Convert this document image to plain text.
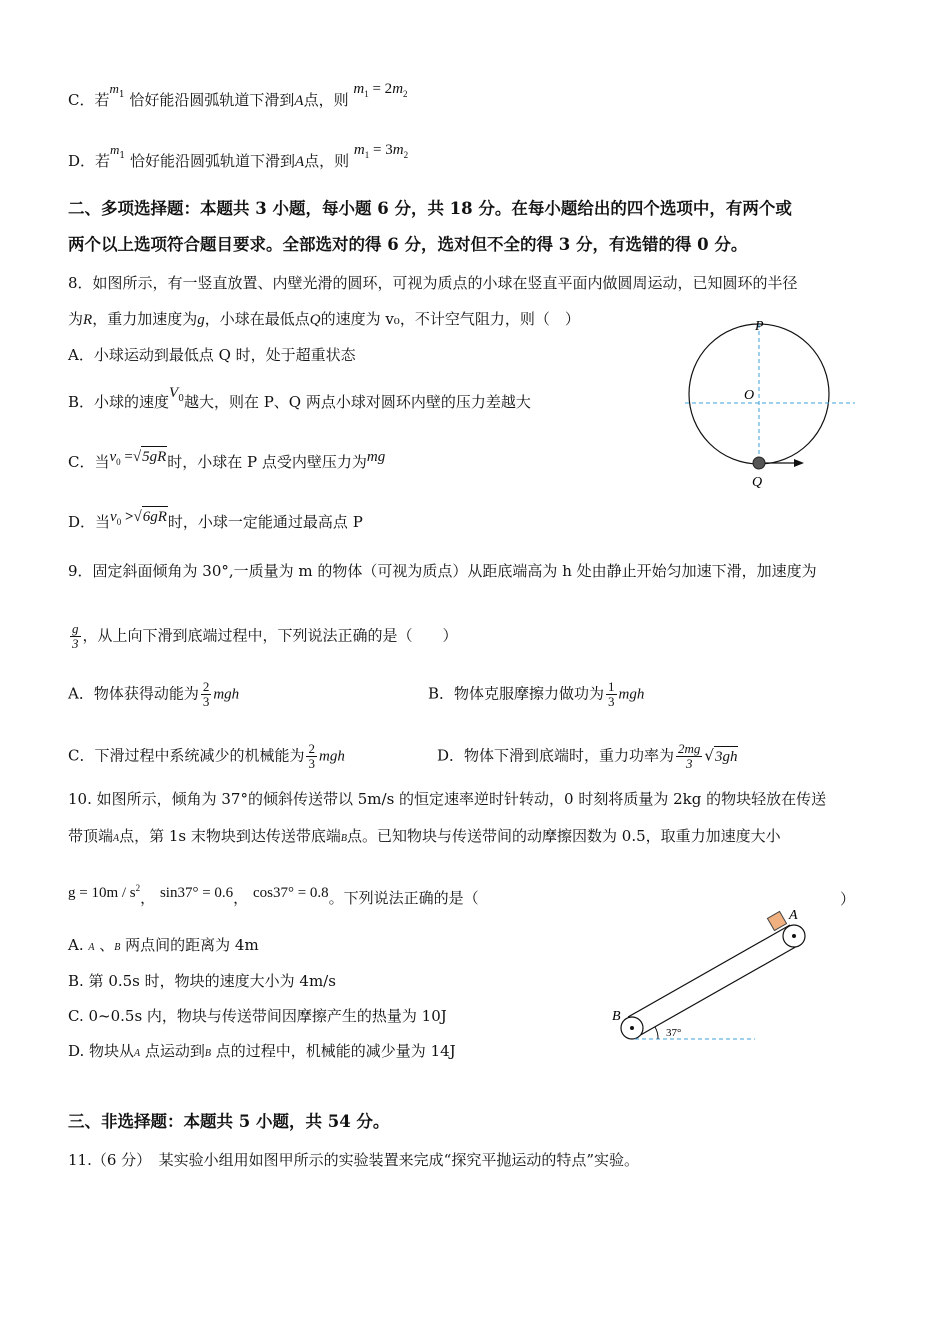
C．若$m_1$ 恰好能沿圆弧轨道下滑到A点，则 $m_1 = 2m_2$
D．若$m_1$ 恰好能沿圆弧轨道下滑到A点，则 $m_1 = 3m_2$
二、多项选择题：本题共 3 小题，每小题 6 分，共 18 分。在每小题给出的四个选项中，有两个或
两个以上选项符合题目要求。全部选对的得 6 分，选对但不全的得 3 分，有选错的得 0 分。
8．如图所示，有一竖直放置、内壁光滑的圆环，可视为质点的小球在竖直平面内做圆周运动，已知圆环的半径
为R，重力加速度为g，小球在最低点Q的速度为 v₀，不计空气阻力，则（　）
A．小球运动到最低点 Q 时，处于超重状态
B．小球的速度$V_0$越大，则在 P、Q 两点小球对圆环内壁的压力差越大
C．当$v_0 =√5gR$时，小球在 P 点受内壁压力为mg
D．当$v_0 >√6gR$时，小球一定能通过最高点 P
P
O
Q
9．固定斜面倾角为 30°,一质量为 m 的物体（可视为质点）从距底端高为 h 处由静止开始匀加速下滑，加速度为
$\frac{g}{3}$ ，从上向下滑到底端过程中，下列说法正确的是（　　）
A．物体获得动能为 $\frac{2}{3}$ mgh	B．物体克服摩擦力做功为 $\frac{1}{3}$ mgh
C．下滑过程中系统减少的机械能为 $\frac{2}{3}$ mgh	D．物体下滑到底端时，重力功率为 $\frac{2mg}{3} √3gh$
10. 如图所示，倾角为 37°的倾斜传送带以 5m/s 的恒定速率逆时针转动，0 时刻将质量为 2kg 的物块轻放在传送
带顶端A点，第 1s 末物块到达传送带底端B点。已知物块与传送带间的动摩擦因数为 0.5，取重力加速度大小
$g = 10m / s^2$， sin37° = 0.6， cos37° = 0.8。下列说法正确的是（	）
A. A 、B 两点间的距离为 4m
B. 第 0.5s 时，物块的速度大小为 4m/s
C. 0~0.5s 内，物块与传送带间因摩擦产生的热量为 10J
D. 物块从A 点运动到B 点的过程中，机械能的减少量为 14J
37°
A
B
三、非选择题：本题共 5 小题，共 54 分。
11.（6 分）　某实验小组用如图甲所示的实验装置来完成“探究平抛运动的特点”实验。
